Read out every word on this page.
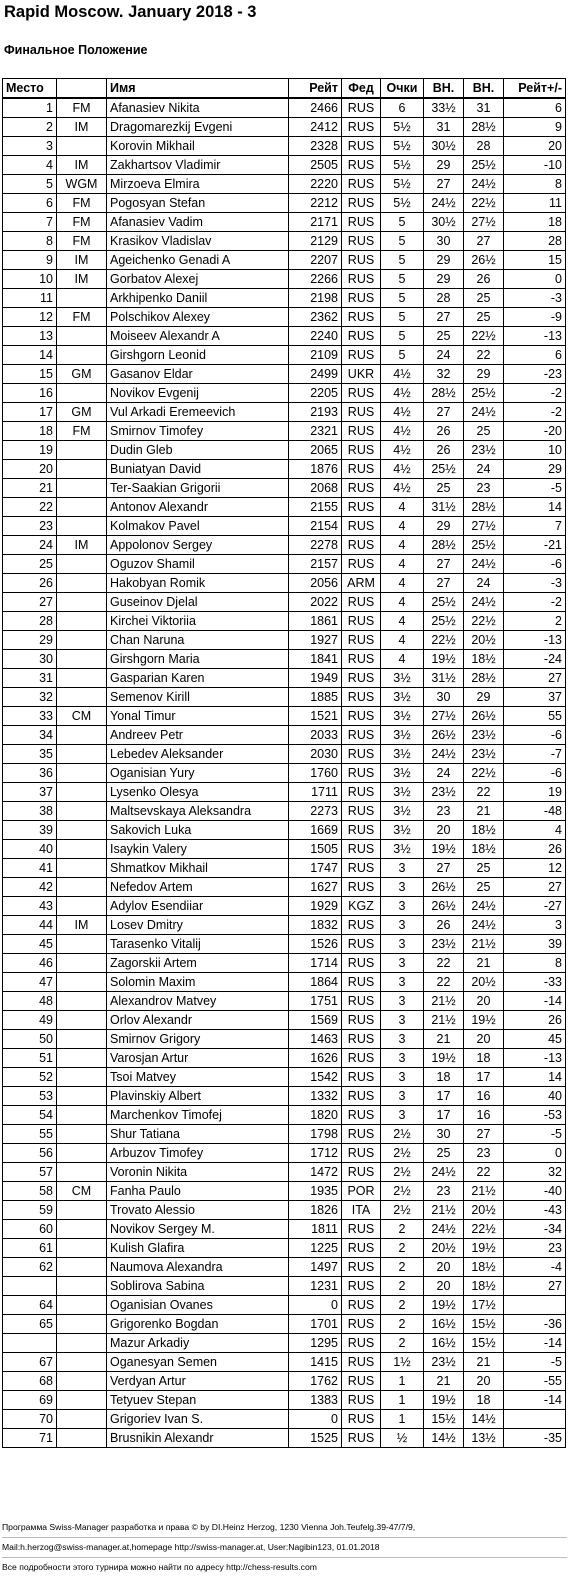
Rapid Moscow. January 2018 - 3
Финальное Положение
Место		Имя	Рейт	Фед	Очки	ВН.	ВН.	Рейт+/-
1	FM	Afanasiev Nikita	2466	RUS	6	33½	31	6
2	IM	Dragomarezkij Evgeni	2412	RUS	5½	31	28½	9
3		Korovin Mikhail	2328	RUS	5½	30½	28	20
4	IM	Zakhartsov Vladimir	2505	RUS	5½	29	25½	-10
5	WGM	Mirzoeva Elmira	2220	RUS	5½	27	24½	8
6	FM	Pogosyan Stefan	2212	RUS	5½	24½	22½	11
7	FM	Afanasiev Vadim	2171	RUS	5	30½	27½	18
8	FM	Krasikov Vladislav	2129	RUS	5	30	27	28
9	IM	Ageichenko Genadi A	2207	RUS	5	29	26½	15
10	IM	Gorbatov Alexej	2266	RUS	5	29	26	0
11		Arkhipenko Daniil	2198	RUS	5	28	25	-3
12	FM	Polschikov Alexey	2362	RUS	5	27	25	-9
13		Moiseev Alexandr A	2240	RUS	5	25	22½	-13
14		Girshgorn Leonid	2109	RUS	5	24	22	6
15	GM	Gasanov Eldar	2499	UKR	4½	32	29	-23
16		Novikov Evgenij	2205	RUS	4½	28½	25½	-2
17	GM	Vul Arkadi Eremeevich	2193	RUS	4½	27	24½	-2
18	FM	Smirnov Timofey	2321	RUS	4½	26	25	-20
19		Dudin Gleb	2065	RUS	4½	26	23½	10
20		Buniatyan David	1876	RUS	4½	25½	24	29
21		Ter-Saakian Grigorii	2068	RUS	4½	25	23	-5
22		Antonov Alexandr	2155	RUS	4	31½	28½	14
23		Kolmakov Pavel	2154	RUS	4	29	27½	7
24	IM	Appolonov Sergey	2278	RUS	4	28½	25½	-21
25		Oguzov Shamil	2157	RUS	4	27	24½	-6
26		Hakobyan Romik	2056	ARM	4	27	24	-3
27		Guseinov Djelal	2022	RUS	4	25½	24½	-2
28		Kirchei Viktoriia	1861	RUS	4	25½	22½	2
29		Chan Naruna	1927	RUS	4	22½	20½	-13
30		Girshgorn Maria	1841	RUS	4	19½	18½	-24
31		Gasparian Karen	1949	RUS	3½	31½	28½	27
32		Semenov Kirill	1885	RUS	3½	30	29	37
33	CM	Yonal Timur	1521	RUS	3½	27½	26½	55
34		Andreev Petr	2033	RUS	3½	26½	23½	-6
35		Lebedev Aleksander	2030	RUS	3½	24½	23½	-7
36		Oganisian Yury	1760	RUS	3½	24	22½	-6
37		Lysenko Olesya	1711	RUS	3½	23½	22	19
38		Maltsevskaya Aleksandra	2273	RUS	3½	23	21	-48
39		Sakovich Luka	1669	RUS	3½	20	18½	4
40		Isaykin Valery	1505	RUS	3½	19½	18½	26
41		Shmatkov Mikhail	1747	RUS	3	27	25	12
42		Nefedov Artem	1627	RUS	3	26½	25	27
43		Adylov Esendiiar	1929	KGZ	3	26½	24½	-27
44	IM	Losev Dmitry	1832	RUS	3	26	24½	3
45		Tarasenko Vitalij	1526	RUS	3	23½	21½	39
46		Zagorskii Artem	1714	RUS	3	22	21	8
47		Solomin Maxim	1864	RUS	3	22	20½	-33
48		Alexandrov Matvey	1751	RUS	3	21½	20	-14
49		Orlov Alexandr	1569	RUS	3	21½	19½	26
50		Smirnov Grigory	1463	RUS	3	21	20	45
51		Varosjan Artur	1626	RUS	3	19½	18	-13
52		Tsoi Matvey	1542	RUS	3	18	17	14
53		Plavinskiy Albert	1332	RUS	3	17	16	40
54		Marchenkov Timofej	1820	RUS	3	17	16	-53
55		Shur Tatiana	1798	RUS	2½	30	27	-5
56		Arbuzov Timofey	1712	RUS	2½	25	23	0
57		Voronin Nikita	1472	RUS	2½	24½	22	32
58	CM	Fanha Paulo	1935	POR	2½	23	21½	-40
59		Trovato Alessio	1826	ITA	2½	21½	20½	-43
60		Novikov Sergey M.	1811	RUS	2	24½	22½	-34
61		Kulish Glafira	1225	RUS	2	20½	19½	23
62		Naumova Alexandra	1497	RUS	2	20	18½	-4
		Soblirova Sabina	1231	RUS	2	20	18½	27
64		Oganisian Ovanes	0	RUS	2	19½	17½	
65		Grigorenko Bogdan	1701	RUS	2	16½	15½	-36
		Mazur Arkadiy	1295	RUS	2	16½	15½	-14
67		Oganesyan Semen	1415	RUS	1½	23½	21	-5
68		Verdyan Artur	1762	RUS	1	21	20	-55
69		Tetyuev Stepan	1383	RUS	1	19½	18	-14
70		Grigoriev Ivan S.	0	RUS	1	15½	14½	
71		Brusnikin Alexandr	1525	RUS	½	14½	13½	-35
Программа Swiss-Manager разработка и права © by DI.Heinz Herzog, 1230 Vienna Joh.Teufelg.39-47/7/9,
Mail:h.herzog@swiss-manager.at,homepage http://swiss-manager.at, User:Nagibin123, 01.01.2018
Все подробности этого турнира можно найти по адресу http://chess-results.com
